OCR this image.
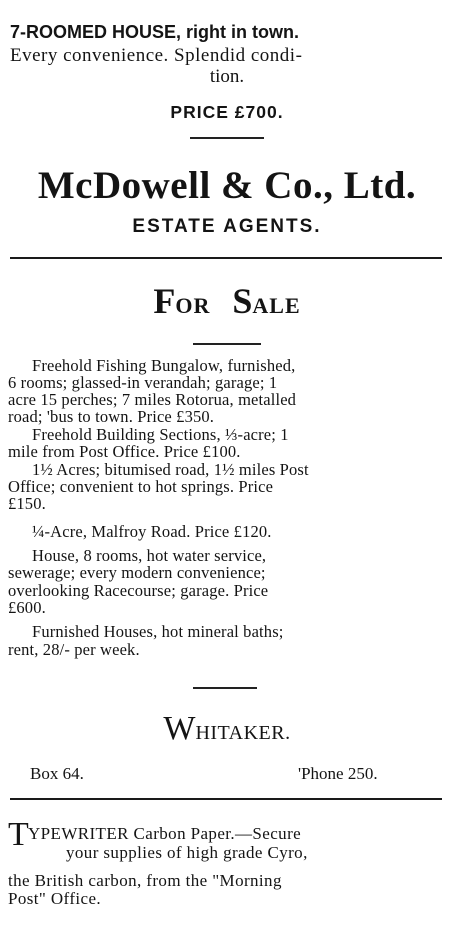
7-ROOMED HOUSE, right in town.
Every convenience. Splendid condi-
tion.
PRICE £700.
McDowell & Co., Ltd.
ESTATE AGENTS.
FOR SALE
Freehold Fishing Bungalow, furnished,
6 rooms; glassed-in verandah; garage; 1
acre 15 perches; 7 miles Rotorua, metalled
road; 'bus to town. Price £350.
Freehold Building Sections, ⅓-acre; 1
mile from Post Office. Price £100.
1½ Acres; bitumised road, 1½ miles Post
Office; convenient to hot springs. Price
£150.
¼-Acre, Malfroy Road. Price £120.
House, 8 rooms, hot water service,
sewerage; every modern convenience;
overlooking Racecourse; garage. Price
£600.
Furnished Houses, hot mineral baths;
rent, 28/- per week.
WHITAKER.
Box 64.	'Phone 250.
T YPEWRITER Carbon Paper.—Secure
your supplies of high grade Cyro,
the British carbon, from the "Morning
Post" Office.
